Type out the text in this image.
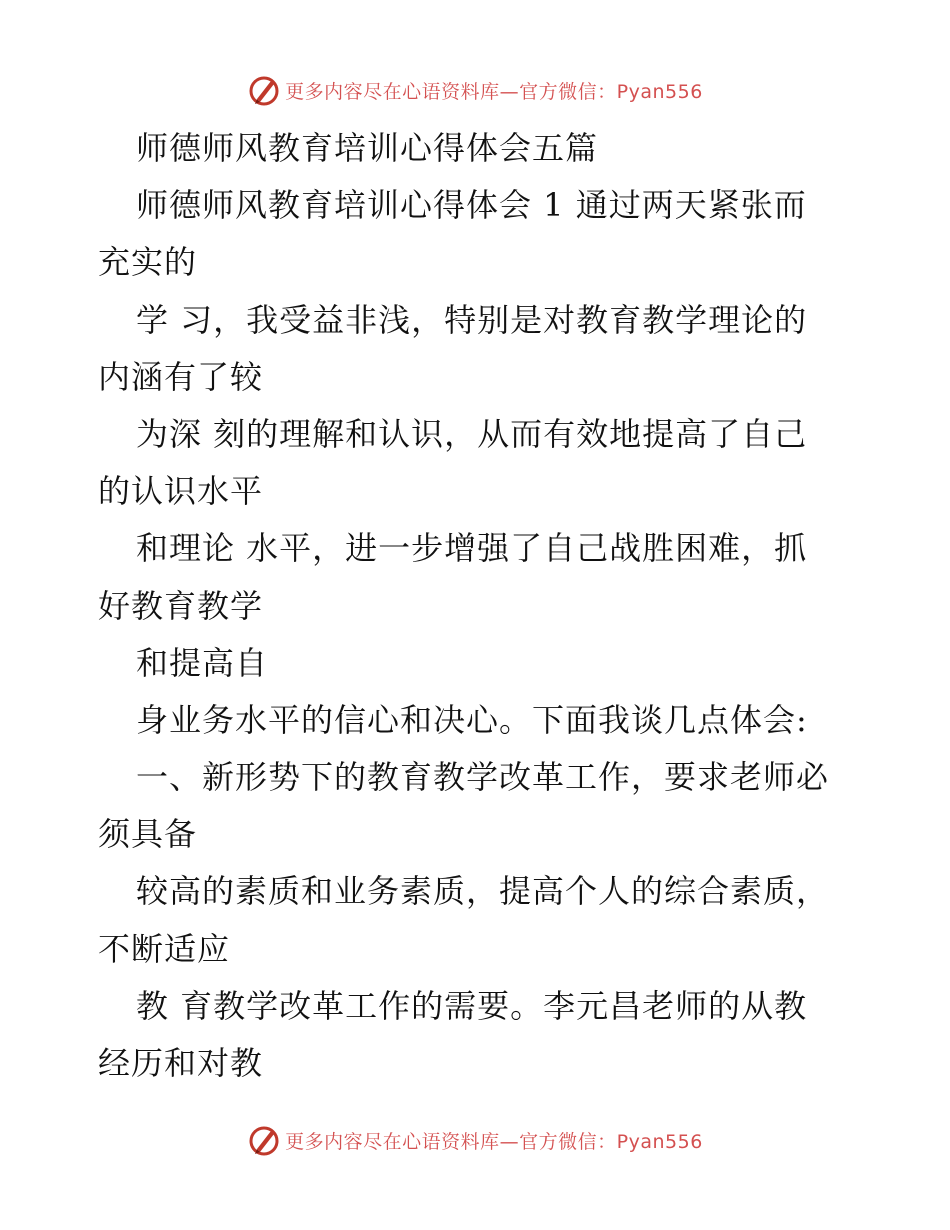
更多内容尽在心语资料库—官方微信：Pyan556
师德师风教育培训心得体会五篇
师德师风教育培训心得体会 1 通过两天紧张而
充实的
学 习，我受益非浅，特别是对教育教学理论的
内涵有了较
为深 刻的理解和认识，从而有效地提高了自己
的认识水平
和理论 水平，进一步增强了自己战胜困难，抓
好教育教学
和提高自
身业务水平的信心和决心。下面我谈几点体会:
一、新形势下的教育教学改革工作，要求老师必
须具备
较高的素质和业务素质，提高个人的综合素质，
不断适应
教 育教学改革工作的需要。李元昌老师的从教
经历和对教
更多内容尽在心语资料库—官方微信：Pyan556
